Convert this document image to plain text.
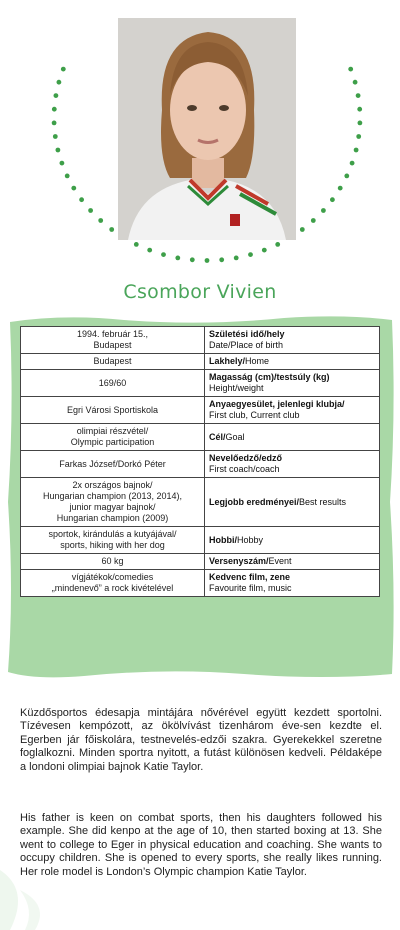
Csombor Vivien
1994. február 15.,
Budapest	Születési idő/hely
Date/Place of birth
Budapest	Lakhely/Home
169/60	Magasság (cm)/testsúly (kg)
Height/weight
Egri Városi Sportiskola	Anyaegyesület, jelenlegi klubja/
First club, Current club
olimpiai részvétel/
Olympic participation	Cél/Goal
Farkas József/Dorkó Péter	Nevelőedző/edző
First coach/coach
2x országos bajnok/
Hungarian champion (2013, 2014),
junior magyar bajnok/
Hungarian champion (2009)	Legjobb eredményei/Best results
sportok, kirándulás a kutyájával/
sports, hiking with her dog	Hobbi/Hobby
60 kg	Versenyszám/Event
vígjátékok/comedies
„mindenevő” a rock kivételével	Kedvenc film, zene
Favourite film, music
Küzdősportos édesapja mintájára nővérével együtt kezdett sportolni. Tízévesen kempózott, az ökölvívást tizenhárom éve-sen kezdte el. Egerben jár főiskolára, testnevelés-edzői szakra. Gyerekekkel szeretne foglalkozni. Minden sportra nyitott, a futást különösen kedveli. Példaképe a londoni olimpiai bajnok Katie Taylor.
His father is keen on combat sports, then his daughters followed his example. She did kenpo at the age of 10, then started boxing at 13. She went to college to Eger in physical education and coaching. She wants to occupy children. She is opened to every sports, she really likes running. Her role model is London’s Olympic champion Katie Taylor.
